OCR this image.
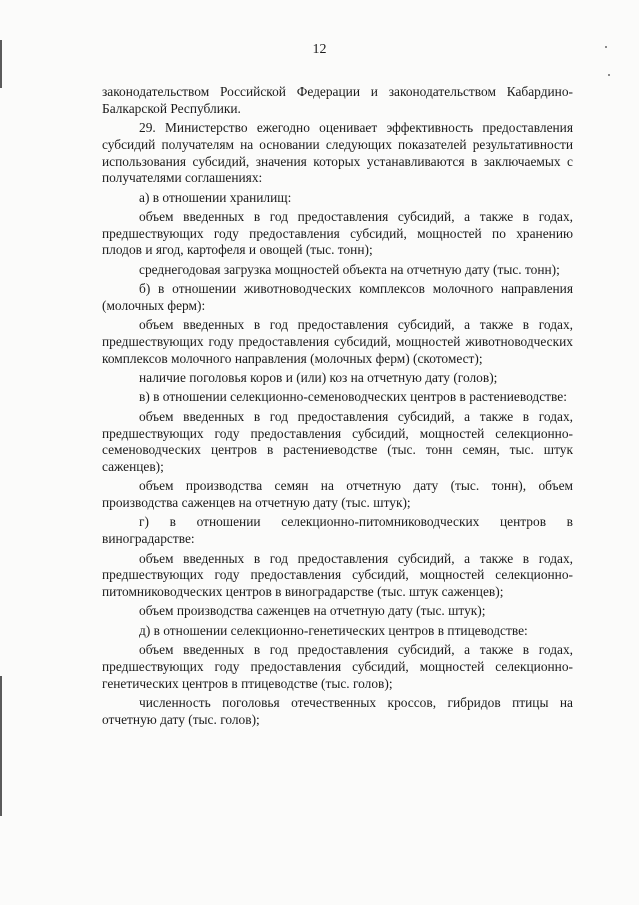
12

законодательством Российской Федерации и законодательством Кабардино-Балкарской Республики.

29. Министерство ежегодно оценивает эффективность предоставления субсидий получателям на основании следующих показателей результативности использования субсидий, значения которых устанавливаются в заключаемых с получателями соглашениях:

а) в отношении хранилищ:

объем введенных в год предоставления субсидий, а также в годах, предшествующих году предоставления субсидий, мощностей по хранению плодов и ягод, картофеля и овощей (тыс. тонн);

среднегодовая загрузка мощностей объекта на отчетную дату (тыс. тонн);

б) в отношении животноводческих комплексов молочного направления (молочных ферм):

объем введенных в год предоставления субсидий, а также в годах, предшествующих году предоставления субсидий, мощностей животноводческих комплексов молочного направления (молочных ферм) (скотомест);

наличие поголовья коров и (или) коз на отчетную дату (голов);

в) в отношении селекционно-семеноводческих центров в растениеводстве:

объем введенных в год предоставления субсидий, а также в годах, предшествующих году предоставления субсидий, мощностей селекционно-семеноводческих центров в растениеводстве (тыс. тонн семян, тыс. штук саженцев);

объем производства семян на отчетную дату (тыс. тонн), объем производства саженцев на отчетную дату (тыс. штук);

г) в отношении селекционно-питомниководческих центров в виноградарстве:

объем введенных в год предоставления субсидий, а также в годах, предшествующих году предоставления субсидий, мощностей селекционно-питомниководческих центров в виноградарстве (тыс. штук саженцев);

объем производства саженцев на отчетную дату (тыс. штук);

д) в отношении селекционно-генетических центров в птицеводстве:

объем введенных в год предоставления субсидий, а также в годах, предшествующих году предоставления субсидий, мощностей селекционно-генетических центров в птицеводстве (тыс. голов);

численность поголовья отечественных кроссов, гибридов птицы на отчетную дату (тыс. голов);
